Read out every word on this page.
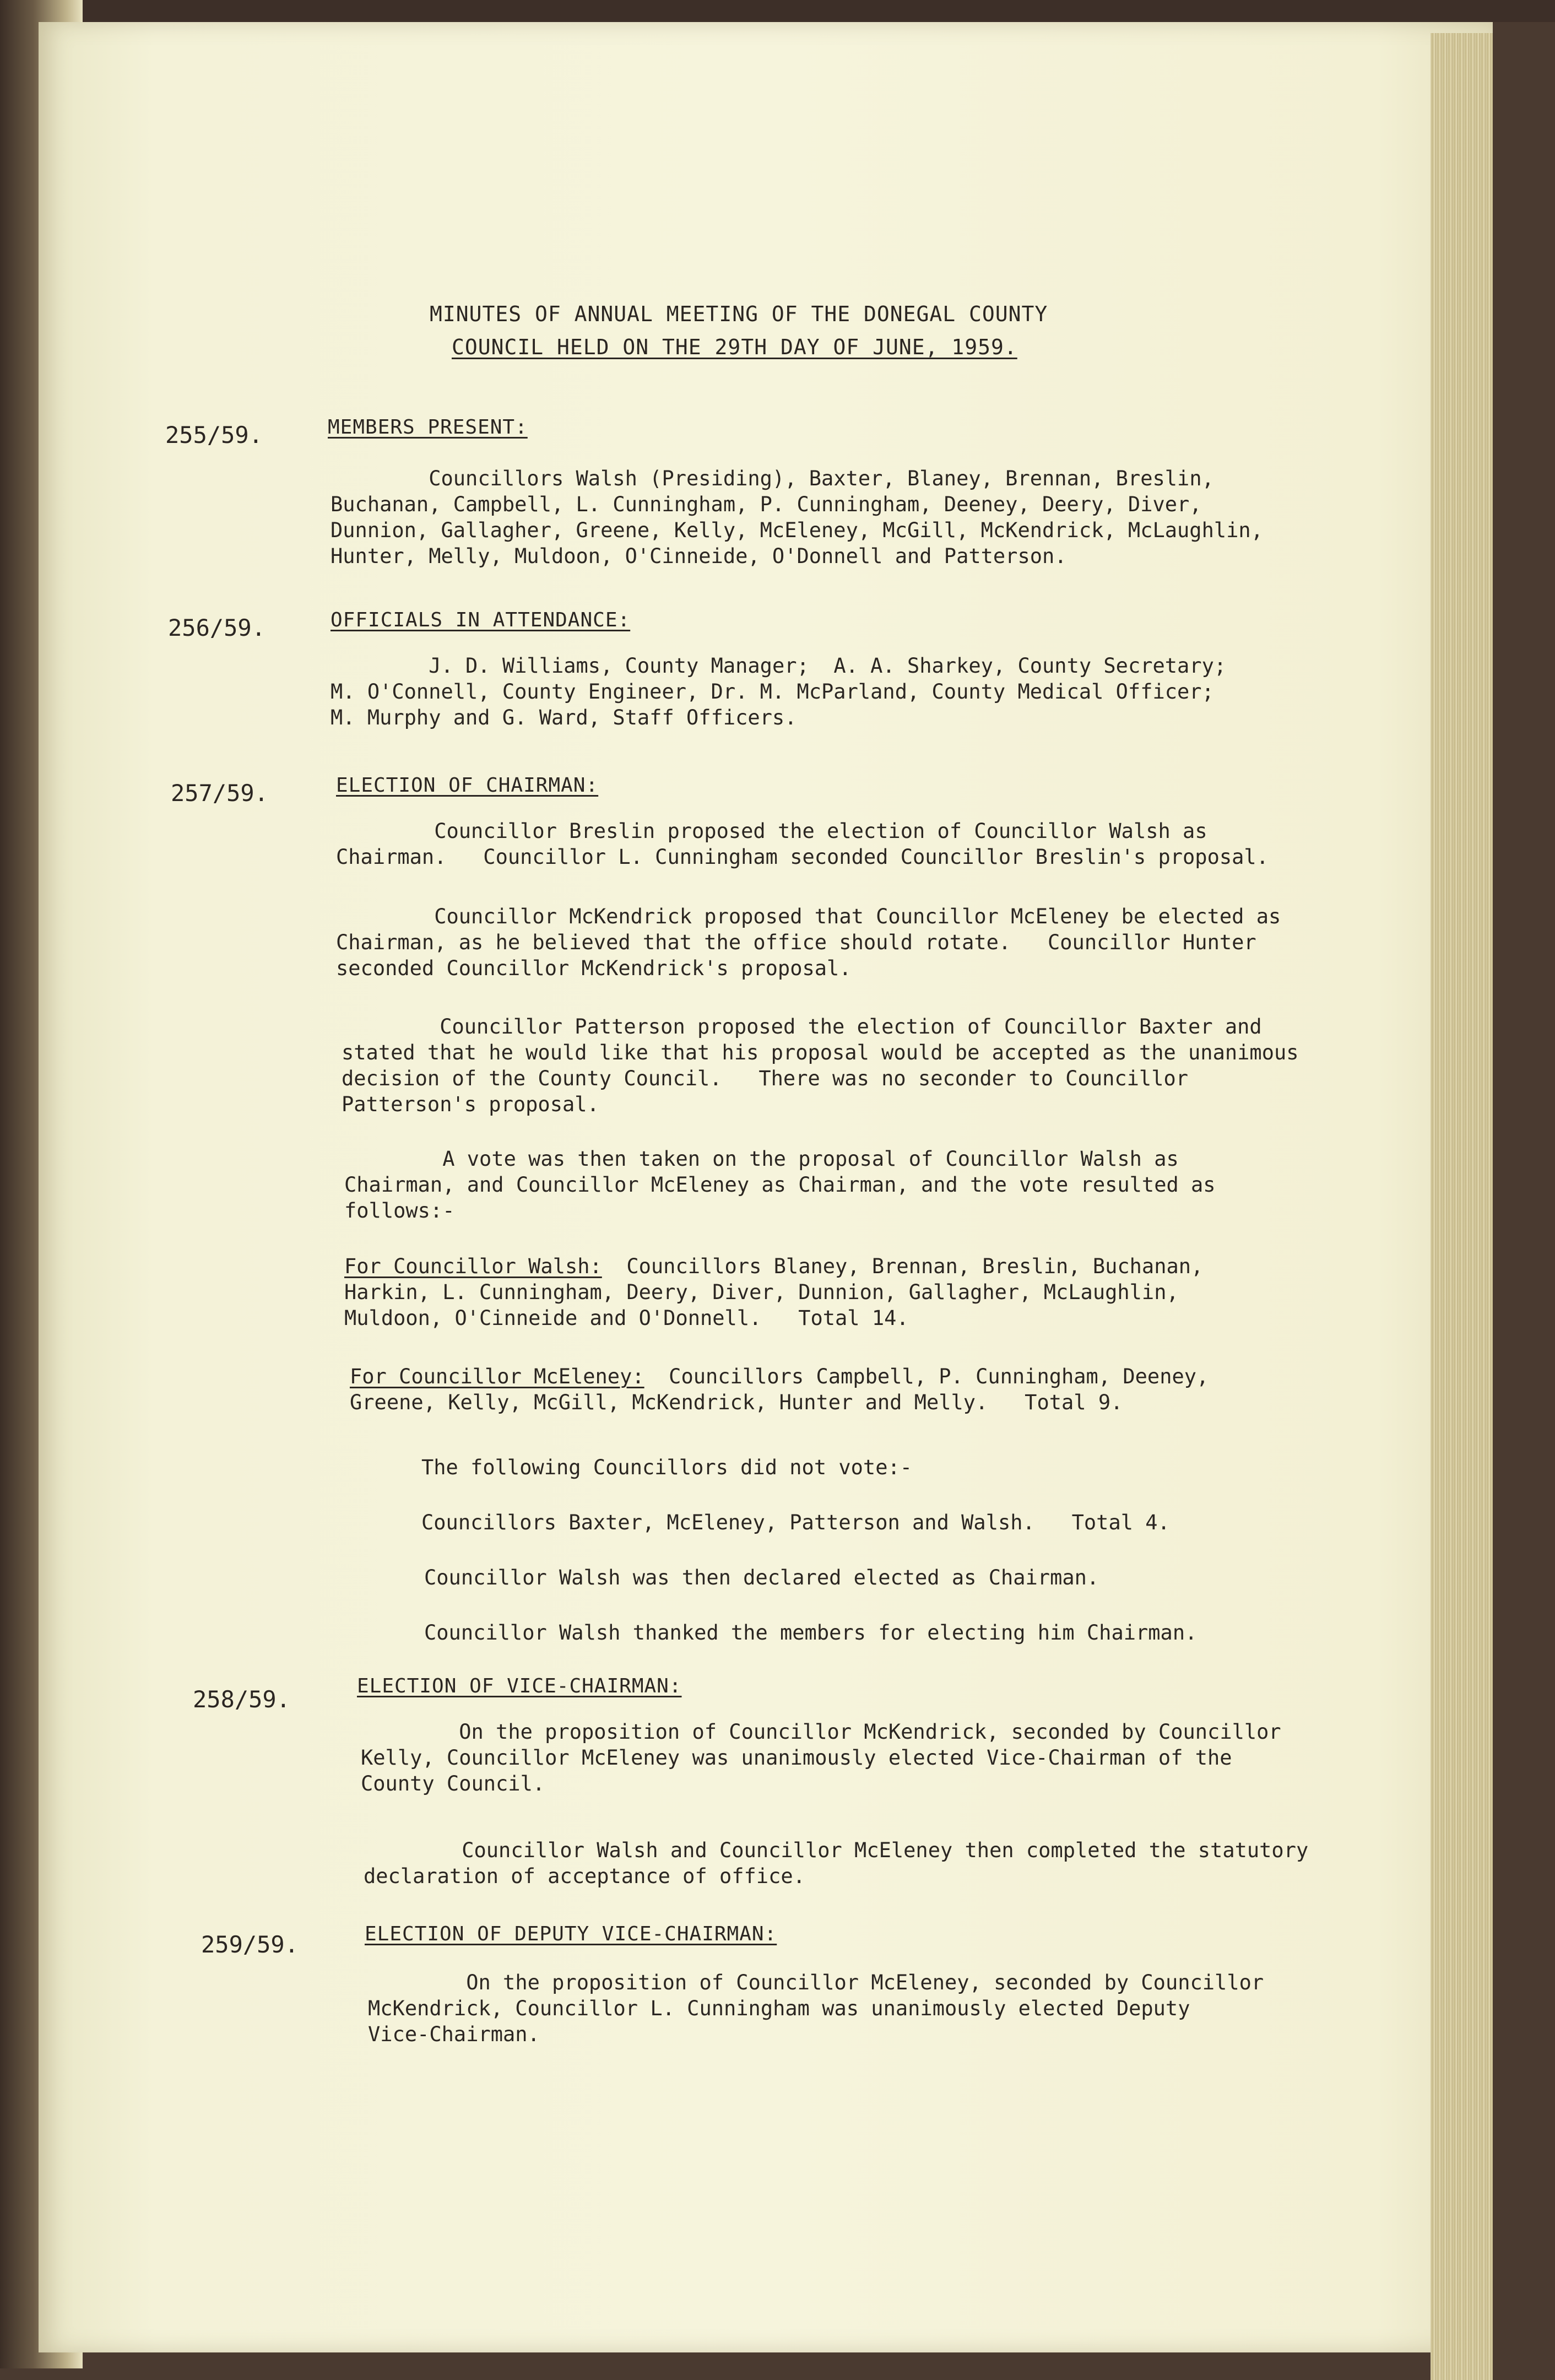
MINUTES OF ANNUAL MEETING OF THE DONEGAL COUNTY
COUNCIL HELD ON THE 29TH DAY OF JUNE, 1959.
255/59.	MEMBERS PRESENT:
Councillors Walsh (Presiding), Baxter, Blaney, Brennan, Breslin,
Buchanan, Campbell, L. Cunningham, P. Cunningham, Deeney, Deery, Diver,
Dunnion, Gallagher, Greene, Kelly, McEleney, McGill, McKendrick, McLaughlin,
Hunter, Melly, Muldoon, O'Cinneide, O'Donnell and Patterson.
256/59.	OFFICIALS IN ATTENDANCE:
J. D. Williams, County Manager;  A. A. Sharkey, County Secretary;
M. O'Connell, County Engineer, Dr. M. McParland, County Medical Officer;
M. Murphy and G. Ward, Staff Officers.
257/59.	ELECTION OF CHAIRMAN:
Councillor Breslin proposed the election of Councillor Walsh as
Chairman.   Councillor L. Cunningham seconded Councillor Breslin's proposal.
Councillor McKendrick proposed that Councillor McEleney be elected as
Chairman, as he believed that the office should rotate.   Councillor Hunter
seconded Councillor McKendrick's proposal.
Councillor Patterson proposed the election of Councillor Baxter and
stated that he would like that his proposal would be accepted as the unanimous
decision of the County Council.   There was no seconder to Councillor
Patterson's proposal.
A vote was then taken on the proposal of Councillor Walsh as
Chairman, and Councillor McEleney as Chairman, and the vote resulted as
follows:-
For Councillor Walsh:  Councillors Blaney, Brennan, Breslin, Buchanan,
Harkin, L. Cunningham, Deery, Diver, Dunnion, Gallagher, McLaughlin,
Muldoon, O'Cinneide and O'Donnell.   Total 14.
For Councillor McEleney:  Councillors Campbell, P. Cunningham, Deeney,
Greene, Kelly, McGill, McKendrick, Hunter and Melly.   Total 9.
The following Councillors did not vote:-
Councillors Baxter, McEleney, Patterson and Walsh.   Total 4.
Councillor Walsh was then declared elected as Chairman.
Councillor Walsh thanked the members for electing him Chairman.
258/59.	ELECTION OF VICE-CHAIRMAN:
On the proposition of Councillor McKendrick, seconded by Councillor
Kelly, Councillor McEleney was unanimously elected Vice-Chairman of the
County Council.
Councillor Walsh and Councillor McEleney then completed the statutory
declaration of acceptance of office.
259/59.	ELECTION OF DEPUTY VICE-CHAIRMAN:
On the proposition of Councillor McEleney, seconded by Councillor
McKendrick, Councillor L. Cunningham was unanimously elected Deputy
Vice-Chairman.
